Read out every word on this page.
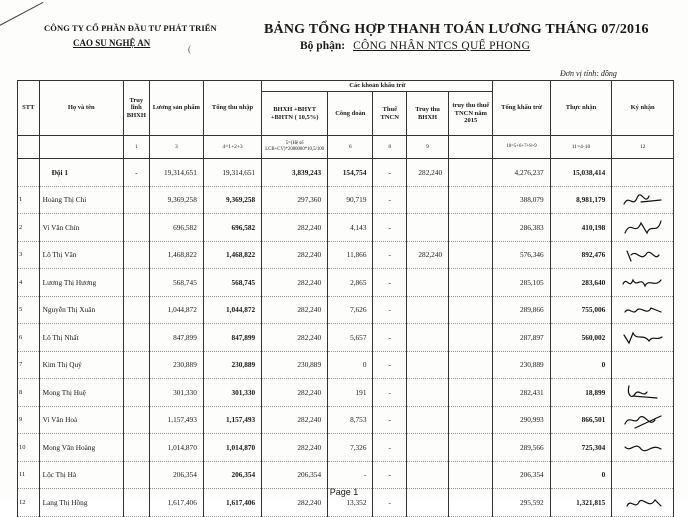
CÔNG TY CỔ PHẦN ĐẦU TƯ PHÁT TRIỂN
CAO SU NGHỆ AN
(
BẢNG TỔNG HỢP THANH TOÁN LƯƠNG THÁNG 07/2016
Bộ phận: CÔNG NHÂN NTCS QUẾ PHONG
Đơn vị tính: đồng
STT	Họ và tên	Truy lĩnh BHXH	Lương sản phẩm	Tổng thu nhập	Các khoản khấu trừ					Tổng khấu trừ	Thực nhận	Ký nhận
					BHXH +BHYT +BHTN ( 10,5%)	Công đoàn	Thuế TNCN	Truy thu BHXH	truy thu thuế TNCN năm 2015			
		1	3	4=1+2+3	5=(Hệ số LCB+CV)*2080000*10,5/100	6	8	9		10=5+6+7+8+9	11=4-10	12
	Đội 1	-	19,314,651	19,314,651	3,839,243	154,754	-	282,240		4,276,237	15,038,414	
1	Hoàng Thị Chi		9,369,258	9,369,258	297,360	90,719	-			388,079	8,981,179	

2	Vi Văn Chín		696,582	696,582	282,240	4,143	-			286,383	410,198	

3	Lô Thị Vân		1,468,822	1,468,822	282,240	11,866	-	282,240		576,346	892,476	

4	Lương Thị Hương		568,745	568,745	282,240	2,865	-			285,105	283,640	

5	Nguyễn Thị Xuân		1,044,872	1,044,872	282,240	7,626	-			289,866	755,006	

6	Lô Thị Nhất		847,899	847,899	282,240	5,657	-			287,897	560,002	

7	Kim Thị Quý		230,889	230,889	230,889	0	-			230,889	0	
8	Mong Thị Huệ		301,330	301,330	282,240	191	-			282,431	18,899	

9	Vi Văn Hoà		1,157,493	1,157,493	282,240	8,753	-			290,993	866,501	

10	Mong Văn Hoàng		1,014,870	1,014,870	282,240	7,326	-			289,566	725,304	

11	Lộc Thị Hà		206,354	206,354	206,354	-	-			206,354	0	
12	Lang Thị Hồng		1,617,406	1,617,406	282,240	13,352	-			295,592	1,321,815	
Page 1
